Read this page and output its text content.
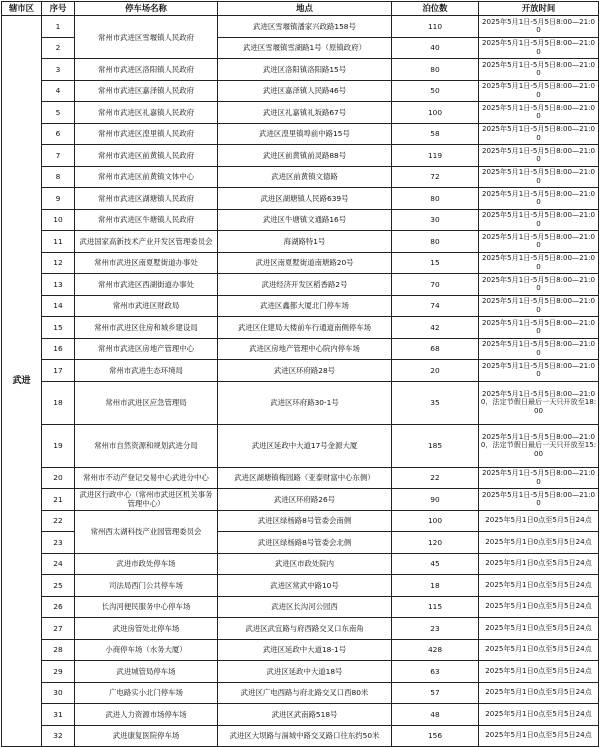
辖市区	序号	停车场名称	地点	泊位数	开放时间
武进	1	常州市武进区雪堰镇人民政府	武进区雪堰镇潘家兴政路158号	110	2025年5月1日-5月5日8:00—21:00
	2		武进区雪堰镇雪湖路1号（原镇政府）	40	2025年5月1日-5月5日8:00—21:00
	3	常州市武进区洛阳镇人民政府	武进区洛阳镇洛阳路15号	80	2025年5月1日-5月5日8:00—21:00
	4	常州市武进区嘉泽镇人民政府	武进区嘉泽镇人民路46号	50	2025年5月1日-5月5日8:00—21:00
	5	常州市武进区礼嘉镇人民政府	武进区礼嘉镇礼坂路67号	100	2025年5月1日-5月5日8:00—21:00
	6	常州市武进区湟里镇人民政府	武进区湟里镇埠前中路15号	58	2025年5月1日-5月5日8:00—21:00
	7	常州市武进区前黄镇人民政府	武进区前黄镇前灵路88号	119	2025年5月1日-5月5日8:00—21:00
	8	常州市武进区前黄镇文体中心	武进区前黄镇文德路	72	2025年5月1日-5月5日8:00—21:00
	9	常州市武进区湖塘镇人民政府	武进区湖塘镇人民路639号	80	2025年5月1日-5月5日8:00—21:00
	10	常州市武进区牛塘镇人民政府	武进区牛塘镇文通路16号	30	2025年5月1日-5月5日8:00—21:00
	11	武进国家高新技术产业开发区管理委员会	海湖路特1号	80	2025年5月1日-5月5日8:00—21:00
	12	常州市武进区南夏墅街道办事处	武进区南夏墅街道南塘路20号	15	2025年5月1日-5月5日8:00—21:00
	13	常州市武进区西湖街道办事处	武进经济开发区稻香路2号	70	2025年5月1日-5月5日8:00—21:00
	14	常州市武进区财政局	武进区鑫都大厦北门停车场	74	2025年5月1日-5月5日8:00—21:00
	15	常州市武进区住房和城乡建设局	武进区住建局大楼前车行通道南侧停车场	42	2025年5月1日-5月5日8:00—21:00
	16	常州市武进区房地产管理中心	武进区房地产管理中心院内停车场	68	2025年5月1日-5月5日8:00—21:00
	17	常州市武进生态环境局	武进区环府路28号	20	2025年5月1日-5月5日8:00—21:00
	18	常州市武进区应急管理局	武进区环府路30-1号	35	2025年5月1日-5月5日8:00—21:00，法定节假日最后一天只开放至18:00
	19	常州市自然资源和规划武进分局	武进区延政中大道17号金源大厦	185	2025年5月1日-5月5日8:00—21:00，法定节假日最后一天只开放至15:00
	20	常州市不动产登记交易中心武进分中心	武进区湖塘镇梅园路（亚泰财富中心东侧）	22	2025年5月1日-5月5日8:00—21:00
	21	武进区行政中心（常州市武进区机关事务管理中心）	武进区环府路26号	90	2025年5月1日-5月5日8:00—21:00
	22	常州西太湖科技产业园管理委员会	武进区绿杨路8号管委会南侧	100	2025年5月1日0点至5月5日24点
	23		武进区绿杨路8号管委会北侧	120	2025年5月1日0点至5月5日24点
	24	武进市政处停车场	武进区市政处院内	45	2025年5月1日0点至5月5日24点
	25	司法局西门公共停车场	武进区常武中路10号	18	2025年5月1日0点至5月5日24点
	26	长沟河便民服务中心停车场	武进区长沟河公园西	115	2025年5月1日0点至5月5日24点
	27	武进房管处北停车场	武进区武宜路与府西路交叉口东南角	23	2025年5月1日0点至5月5日24点
	28	小商停车场（水务大厦）	武进区延政中大道18-1号	428	2025年5月1日0点至5月5日24点
	29	武进城管局停车场	武进区延政中大道18号	63	2025年5月1日0点至5月5日24点
	30	广电路实小北门停车场	武进区广电西路与府北路交叉口西80米	57	2025年5月1日0点至5月5日24点
	31	武进人力资源市场停车场	武进区武南路518号	48	2025年5月1日0点至5月5日24点
	32	武进康复医院停车场	武进区大坝路与滆城中路交叉路口往东约50米	156	2025年5月1日0点至5月5日24点
